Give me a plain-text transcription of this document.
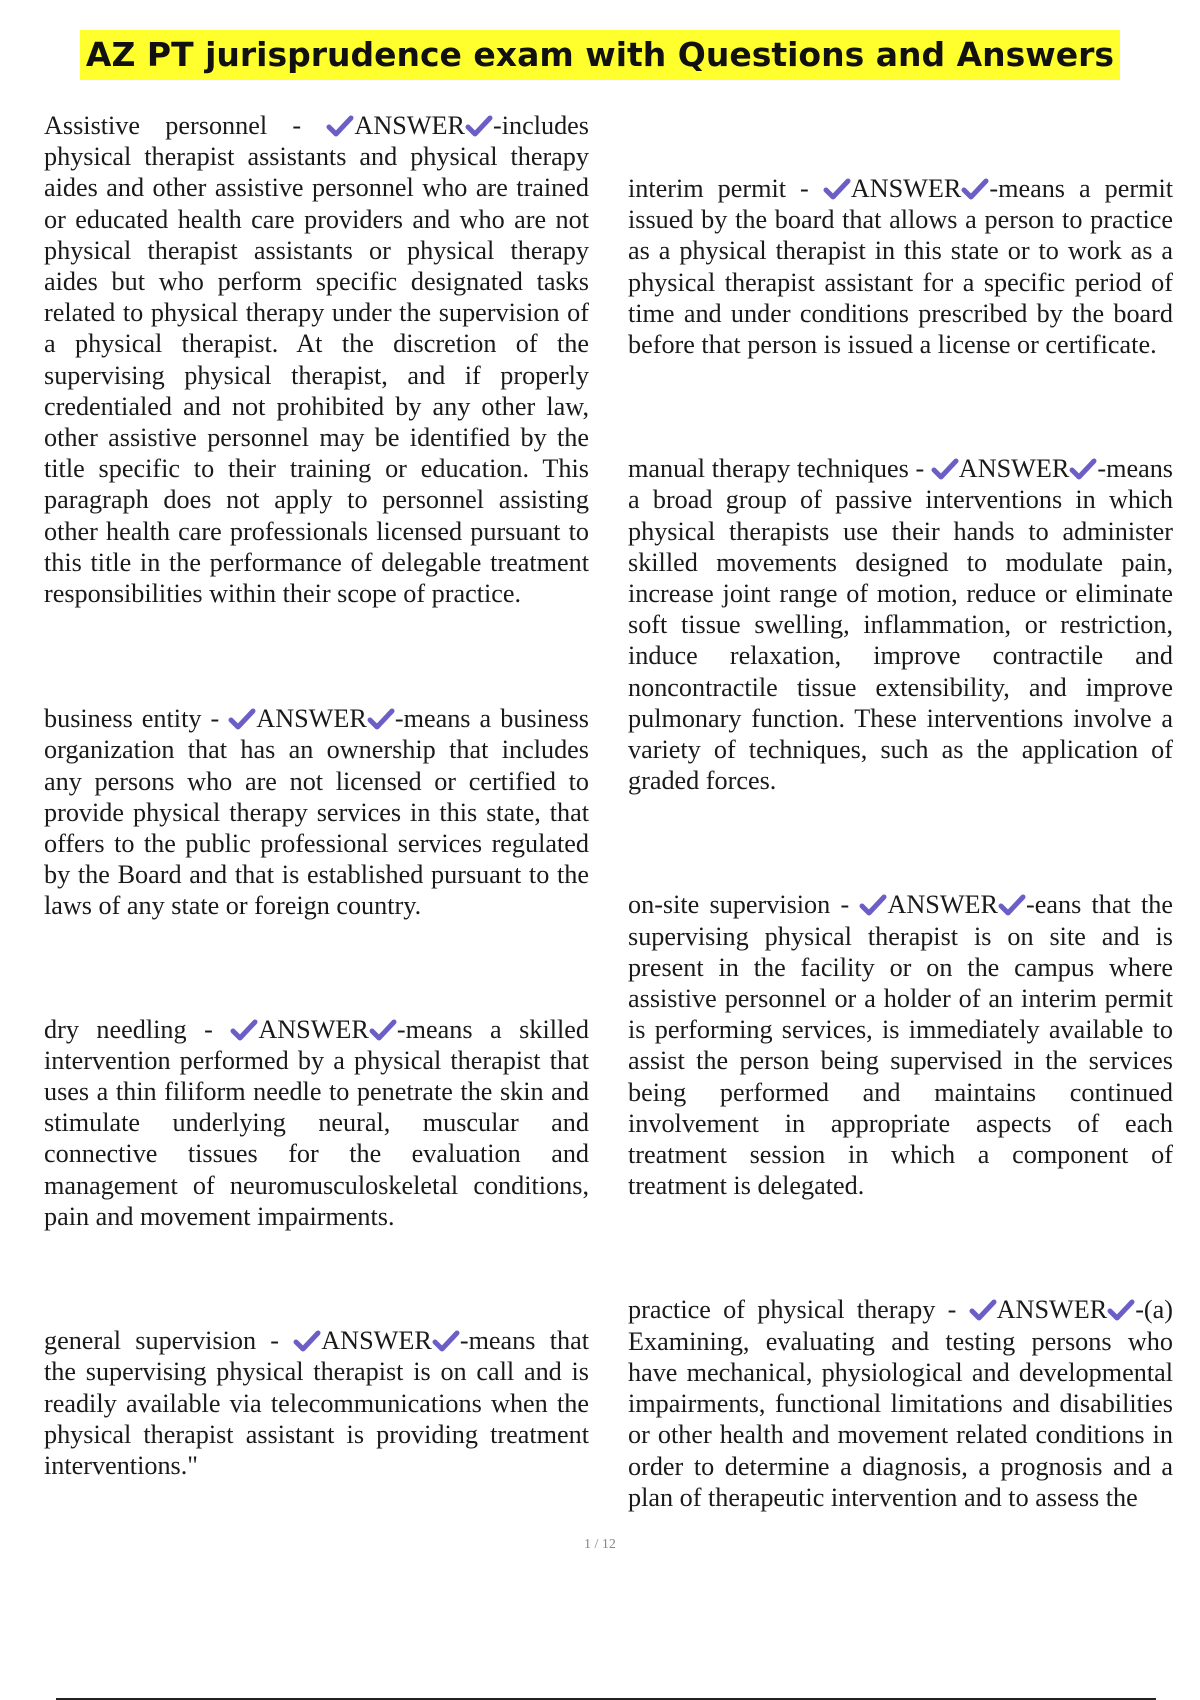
AZ PT jurisprudence exam with Questions and Answers

Assistive personnel -
ANSWER -includes physical therapist assistants and physical therapy aides and other assistive personnel who are trained or educated health care providers and who are not physical therapist assistants or physical therapy aides but who perform specific designated tasks related to physical therapy under the supervision of a physical therapist. At the discretion of the supervising physical therapist, and if properly credentialed and not prohibited by any other law, other assistive personnel may be identified by the title specific to their training or education. This paragraph does not apply to personnel assisting other health care professionals licensed pursuant to this title in the performance of delegable treatment responsibilities within their scope of practice.

business entity -
ANSWER -means a business organization that has an ownership that includes any persons who are not licensed or certified to provide physical therapy services in this state, that offers to the public professional services regulated by the Board and that is established pursuant to the laws of any state or foreign country.

dry needling -
ANSWER -means a skilled intervention performed by a physical therapist that uses a thin filiform needle to penetrate the skin and stimulate underlying neural, muscular and connective tissues for the evaluation and management of neuromusculoskeletal conditions, pain and movement impairments.

general supervision -
ANSWER -means that the supervising physical therapist is on call and is readily available via telecommunications when the physical therapist assistant is providing treatment interventions."

interim permit -
ANSWER -means a permit issued by the board that allows a person to practice as a physical therapist in this state or to work as a physical therapist assistant for a specific period of time and under conditions prescribed by the board before that person is issued a license or certificate.

manual therapy techniques -
ANSWER -means a broad group of passive interventions in which physical therapists use their hands to administer skilled movements designed to modulate pain, increase joint range of motion, reduce or eliminate soft tissue swelling, inflammation, or restriction, induce relaxation, improve contractile and noncontractile tissue extensibility, and improve pulmonary function. These interventions involve a variety of techniques, such as the application of graded forces.

on-site supervision -
ANSWER -eans that the supervising physical therapist is on site and is present in the facility or on the campus where assistive personnel or a holder of an interim permit is performing services, is immediately available to assist the person being supervised in the services being performed and maintains continued involvement in appropriate aspects of each treatment session in which a component of treatment is delegated.

practice of physical therapy -
ANSWER -(a) Examining, evaluating and testing persons who have mechanical, physiological and developmental impairments, functional limitations and disabilities or other health and movement related conditions in order to determine a diagnosis, a prognosis and a plan of therapeutic intervention and to assess the

1 / 12
